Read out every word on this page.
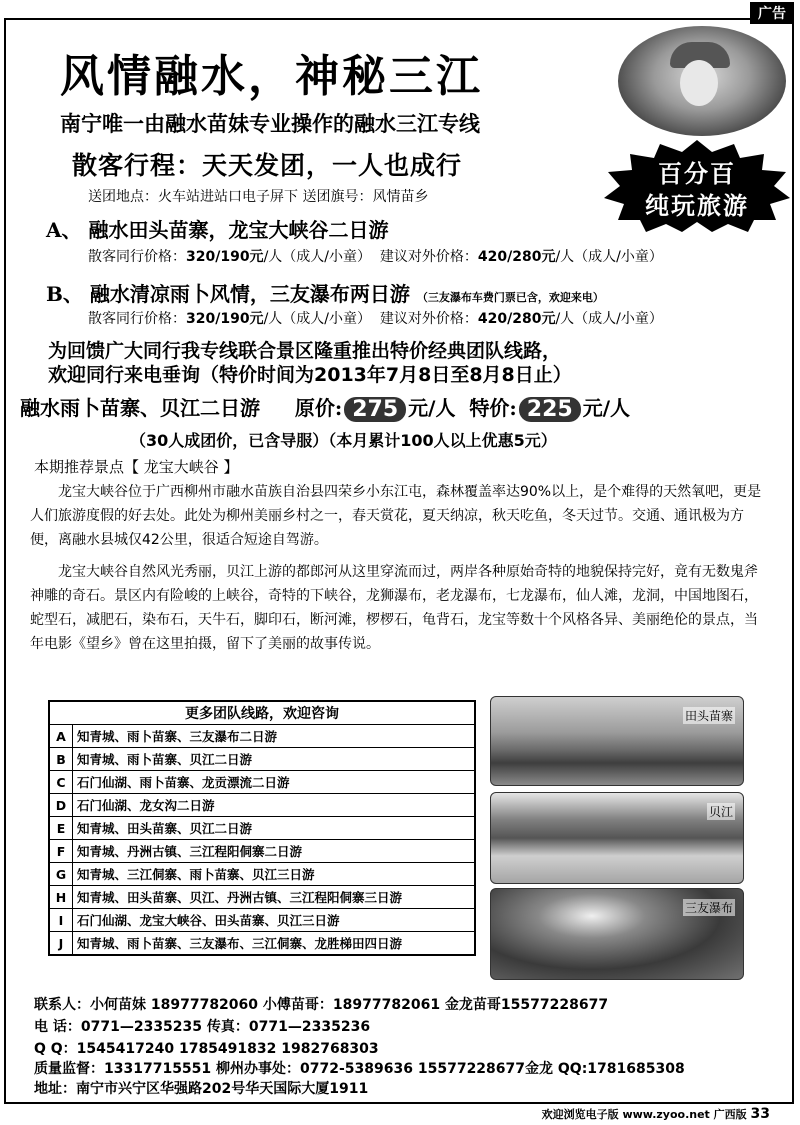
广告
风情融水，神秘三江
南宁唯一由融水苗妹专业操作的融水三江专线
散客行程：天天发团，一人也成行	百分百
纯玩旅游
送团地点：火车站进站口电子屏下 送团旗号：风情苗乡
A、 融水田头苗寨，龙宝大峡谷二日游
散客同行价格：320/190元/人（成人/小童） 建议对外价格：420/280元/人（成人/小童）
B、 融水清凉雨卜风情，三友瀑布两日游 （三友瀑布车费门票已含，欢迎来电）
散客同行价格：320/190元/人（成人/小童） 建议对外价格：420/280元/人（成人/小童）
为回馈广大同行我专线联合景区隆重推出特价经典团队线路，
欢迎同行来电垂询（特价时间为2013年7月8日至8月8日止）
融水雨卜苗寨、贝江二日游 原价: 275 元/人 特价: 225 元/人
（30人成团价，已含导服）（本月累计100人以上优惠5元）
本期推荐景点【 龙宝大峡谷 】

龙宝大峡谷位于广西柳州市融水苗族自治县四荣乡小东江屯，森林覆盖率达90%以上，是个难得的天然氧吧，更是人们旅游度假的好去处。此处为柳州美丽乡村之一，春天赏花，夏天纳凉，秋天吃鱼，冬天过节。交通、通讯极为方便，离融水县城仅42公里，很适合短途自驾游。

龙宝大峡谷自然风光秀丽，贝江上游的都郎河从这里穿流而过，两岸各种原始奇特的地貌保持完好，竟有无数鬼斧神雕的奇石。景区内有险峻的上峡谷，奇特的下峡谷，龙狮瀑布，老龙瀑布，七龙瀑布，仙人滩，龙洞，中国地图石，蛇型石，减肥石，染布石，天牛石，脚印石，断河滩，椤椤石，龟背石，龙宝等数十个风格各异、美丽绝伦的景点，当年电影《望乡》曾在这里拍摄，留下了美丽的故事传说。

更多团队线路，欢迎咨询	
A	知青城、雨卜苗寨、三友瀑布二日游
B	知青城、雨卜苗寨、贝江二日游
C	石门仙湖、雨卜苗寨、龙贡漂流二日游
D	石门仙湖、龙女沟二日游
E	知青城、田头苗寨、贝江二日游
F	知青城、丹洲古镇、三江程阳侗寨二日游
G	知青城、三江侗寨、雨卜苗寨、贝江三日游
H	知青城、田头苗寨、贝江、丹洲古镇、三江程阳侗寨三日游
I	石门仙湖、龙宝大峡谷、田头苗寨、贝江三日游
J	知青城、雨卜苗寨、三友瀑布、三江侗寨、龙胜梯田四日游
田头苗寨
贝江
三友瀑布
联系人：小何苗妹 18977782060 小傅苗哥：18977782061 金龙苗哥15577228677
电 话：0771—2335235 传真：0771—2335236
Q Q：1545417240 1785491832 1982768303
质量监督：13317715551 柳州办事处：0772-5389636 15577228677金龙 QQ:1781685308
地址：南宁市兴宁区华强路202号华天国际大厦1911
欢迎浏览电子版 www.zyoo.net 广西版 33
